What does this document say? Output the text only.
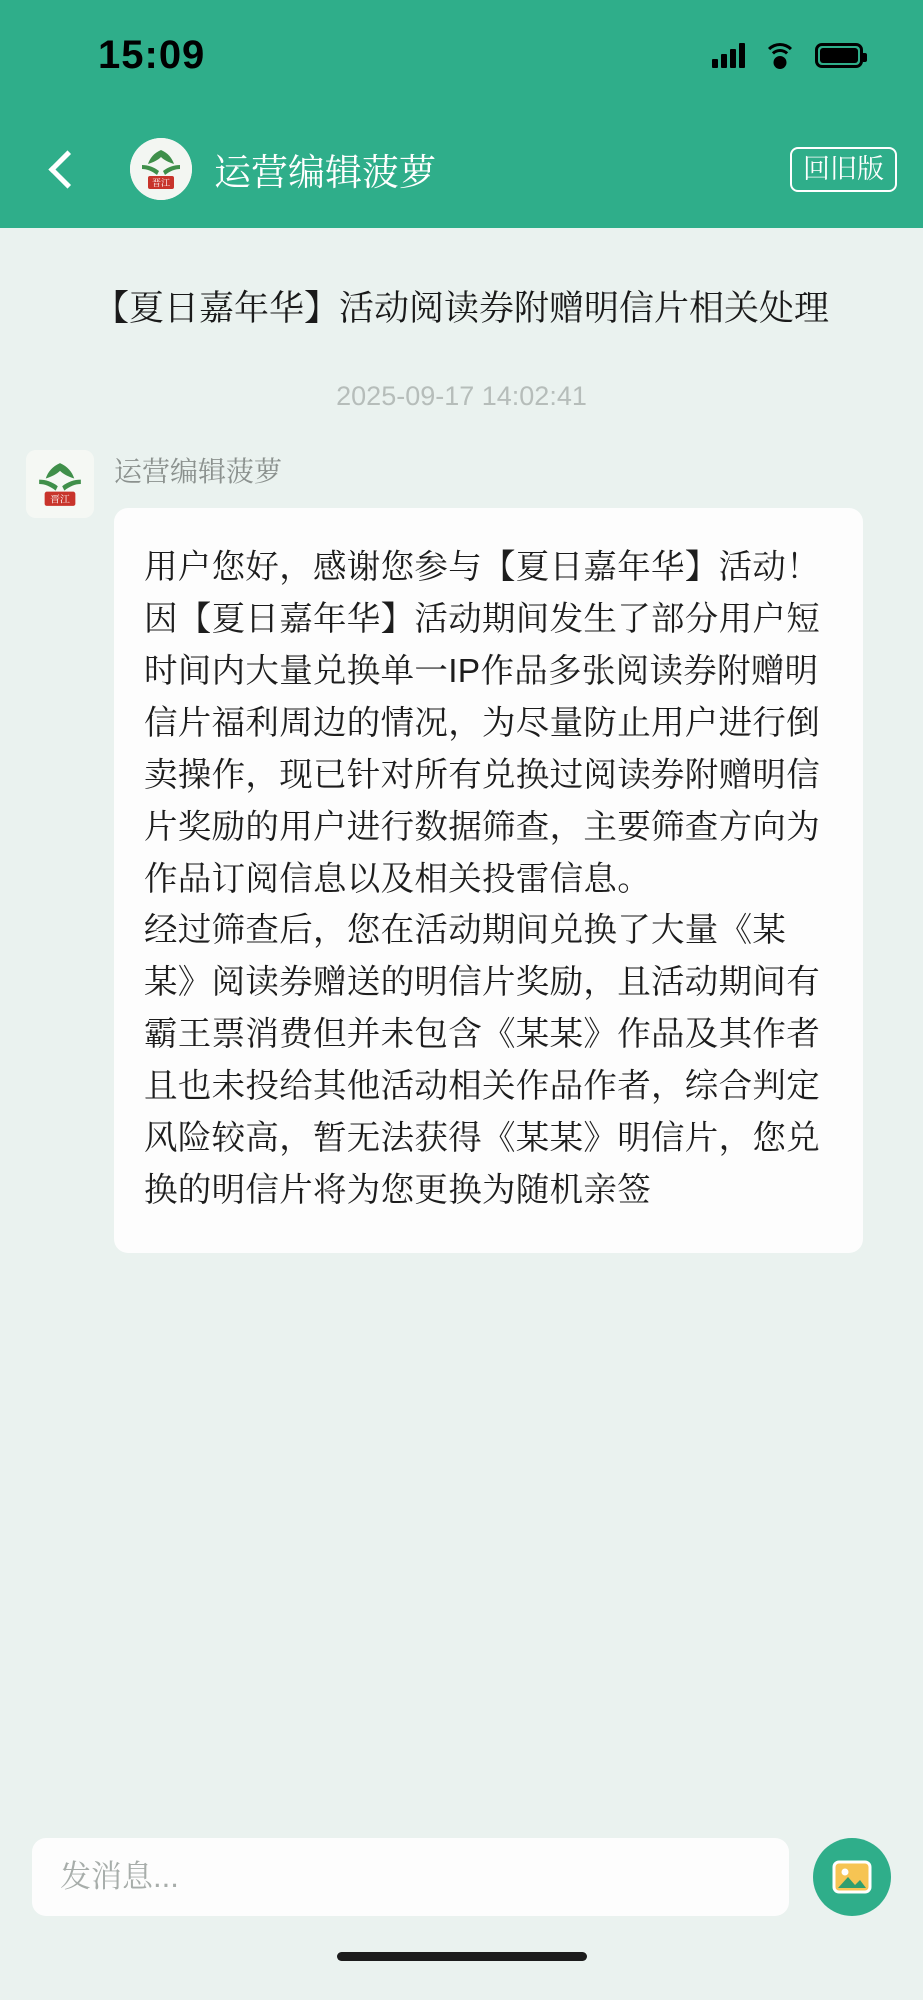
15:09
晋江 运营编辑菠萝	回旧版
【夏日嘉年华】活动阅读券附赠明信片相关处理
2025-09-17 14:02:41
晋江
运营编辑菠萝

用户您好，感谢您参与【夏日嘉年华】活动！

因【夏日嘉年华】活动期间发生了部分用户短时间内大量兑换单一IP作品多张阅读券附赠明信片福利周边的情况，为尽量防止用户进行倒卖操作，现已针对所有兑换过阅读券附赠明信片奖励的用户进行数据筛查，主要筛查方向为作品订阅信息以及相关投雷信息。

经过筛查后，您在活动期间兑换了大量《某某》阅读券赠送的明信片奖励，且活动期间有霸王票消费但并未包含《某某》作品及其作者且也未投给其他活动相关作品作者，综合判定风险较高，暂无法获得《某某》明信片，您兑换的明信片将为您更换为随机亲签

发消息...
